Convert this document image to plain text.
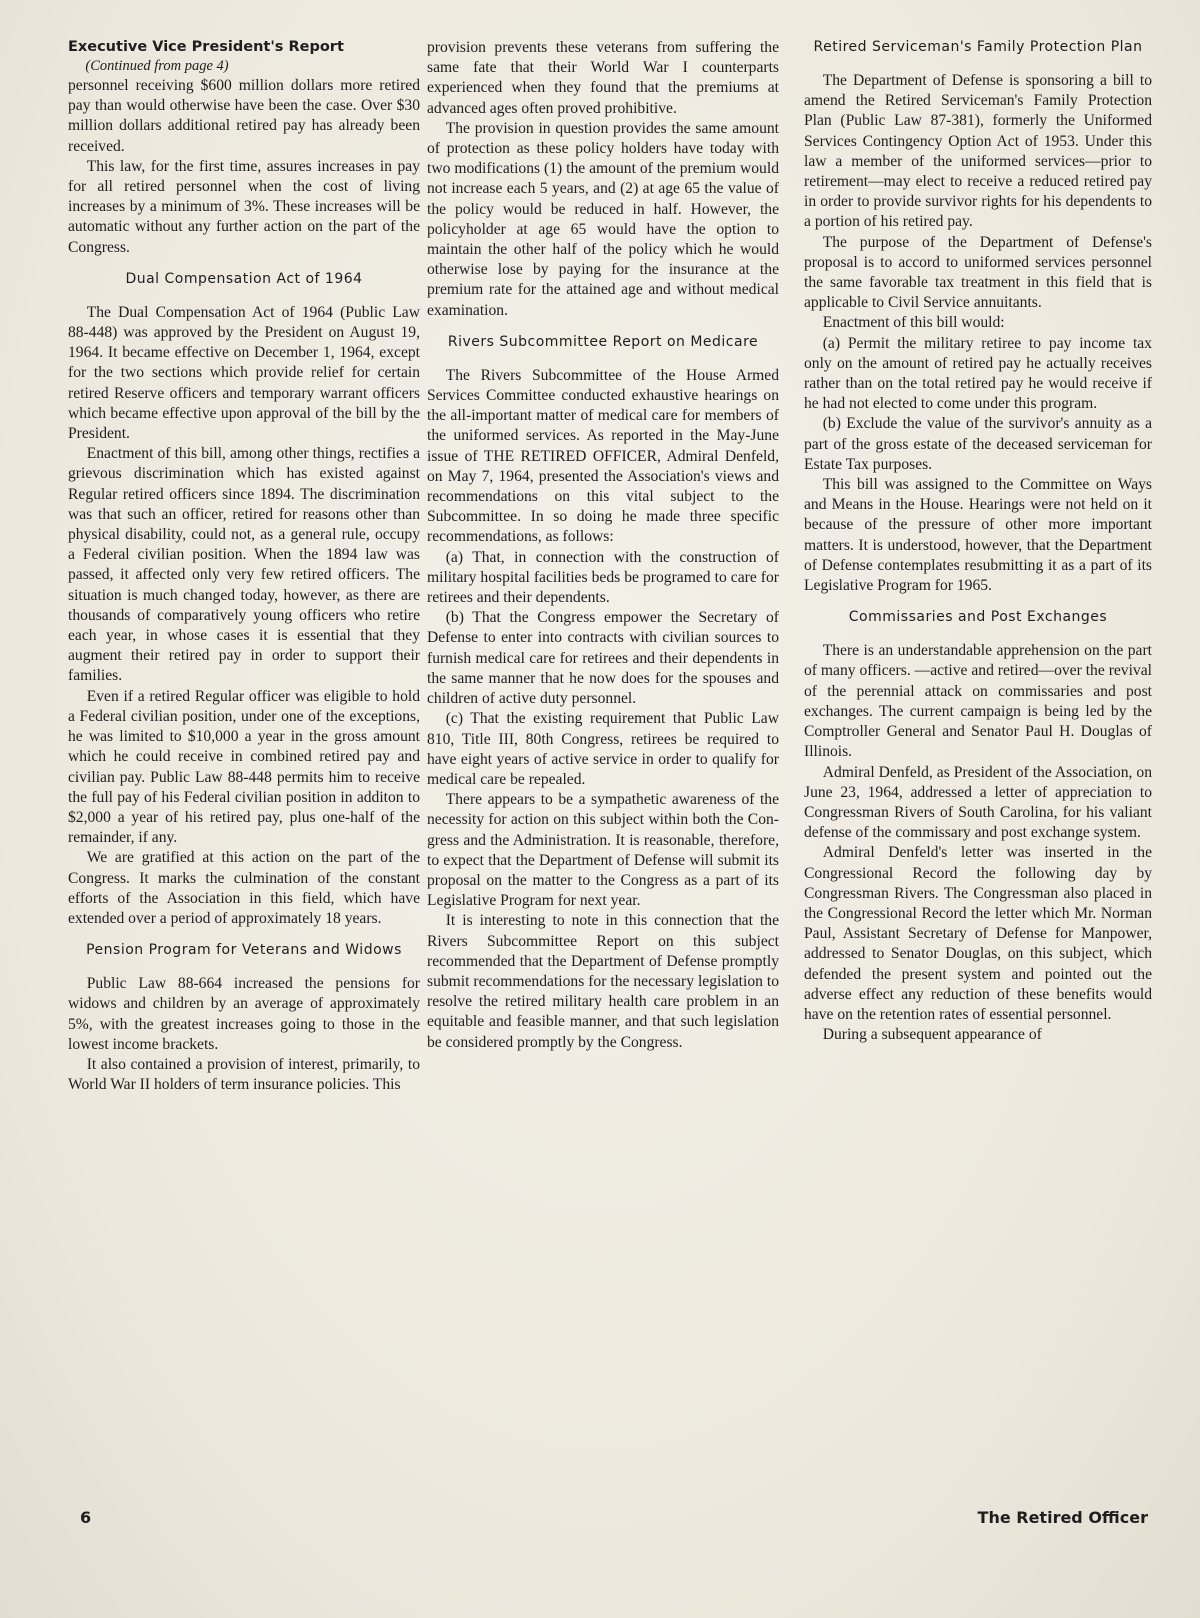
Executive Vice President's Report

(Continued from page 4)

personnel receiving $600 million dollars more retired pay than would otherwise have been the case. Over $30 million dollars additional retired pay has already been received.

This law, for the first time, assures increases in pay for all retired personnel when the cost of living increases by a minimum of 3%. These increases will be automatic without any further action on the part of the Congress.

Dual Compensation Act of 1964

The Dual Compensation Act of 1964 (Public Law 88-448) was approved by the President on August 19, 1964. It became effective on December 1, 1964, except for the two sections which provide relief for certain retired Reserve officers and temporary warrant officers which became effective upon approval of the bill by the President.

Enactment of this bill, among other things, rectifies a grievous discrimination which has existed against Regular retired officers since 1894. The discrimination was that such an officer, retired for reasons other than physical disability, could not, as a general rule, occupy a Federal civilian position. When the 1894 law was passed, it affected only very few retired officers. The situation is much changed today, however, as there are thousands of comparatively young officers who retire each year, in whose cases it is essential that they augment their retired pay in order to support their families.

Even if a retired Regular officer was eligible to hold a Federal civilian position, under one of the exceptions, he was limited to $10,000 a year in the gross amount which he could receive in combined retired pay and civilian pay. Public Law 88-448 permits him to receive the full pay of his Federal civilian position in additon to $2,000 a year of his retired pay, plus one-half of the remainder, if any.

We are gratified at this action on the part of the Congress. It marks the culmination of the constant efforts of the Association in this field, which have extended over a period of approximately 18 years.

Pension Program for Veterans and Widows

Public Law 88-664 increased the pensions for widows and children by an average of approximately 5%, with the greatest increases going to those in the lowest income brackets.

It also contained a provision of interest, primarily, to World War II holders of term insurance policies. This

provision prevents these veterans from suffering the same fate that their World War I counterparts experienced when they found that the premiums at advanced ages often proved prohibitive.

The provision in question provides the same amount of protection as these policy holders have today with two modifications (1) the amount of the premium would not increase each 5 years, and (2) at age 65 the value of the policy would be reduced in half. However, the policyholder at age 65 would have the option to maintain the other half of the policy which he would otherwise lose by paying for the insurance at the premium rate for the attained age and without medical examination.

Rivers Subcommittee Report on Medicare

The Rivers Subcommittee of the House Armed Services Committee conducted exhaustive hearings on the all-important matter of medical care for members of the uniformed services. As reported in the May-June issue of THE RETIRED OFFICER, Admiral Denfeld, on May 7, 1964, presented the Association's views and recommendations on this vital subject to the Subcommittee. In so doing he made three specific recommendations, as follows:

(a) That, in connection with the construction of military hospital facilities beds be programed to care for retirees and their dependents.

(b) That the Congress empower the Secretary of Defense to enter into contracts with civilian sources to furnish medical care for retirees and their dependents in the same manner that he now does for the spouses and children of active duty personnel.

(c) That the existing requirement that Public Law 810, Title III, 80th Congress, retirees be required to have eight years of active service in order to qualify for medical care be repealed.

There appears to be a sympathetic awareness of the necessity for action on this subject within both the Congress and the Administration. It is reasonable, therefore, to expect that the Department of Defense will submit its proposal on the matter to the Congress as a part of its Legislative Program for next year.

It is interesting to note in this connection that the Rivers Subcommittee Report on this subject recommended that the Department of Defense promptly submit recommendations for the necessary legislation to resolve the retired military health care problem in an equitable and feasible manner, and that such legislation be considered promptly by the Congress.

Retired Serviceman's Family Protection Plan

The Department of Defense is sponsoring a bill to amend the Retired Serviceman's Family Protection Plan (Public Law 87-381), formerly the Uniformed Services Contingency Option Act of 1953. Under this law a member of the uniformed services—prior to retirement—may elect to receive a reduced retired pay in order to provide survivor rights for his dependents to a portion of his retired pay.

The purpose of the Department of Defense's proposal is to accord to uniformed services personnel the same favorable tax treatment in this field that is applicable to Civil Service annuitants.

Enactment of this bill would:

(a) Permit the military retiree to pay income tax only on the amount of retired pay he actually receives rather than on the total retired pay he would receive if he had not elected to come under this program.

(b) Exclude the value of the survivor's annuity as a part of the gross estate of the deceased serviceman for Estate Tax purposes.

This bill was assigned to the Committee on Ways and Means in the House. Hearings were not held on it because of the pressure of other more important matters. It is understood, however, that the Department of Defense contemplates resubmitting it as a part of its Legislative Program for 1965.

Commissaries and Post Exchanges

There is an understandable apprehension on the part of many officers. —active and retired—over the revival of the perennial attack on commissaries and post exchanges. The current campaign is being led by the Comptroller General and Senator Paul H. Douglas of Illinois.

Admiral Denfeld, as President of the Association, on June 23, 1964, addressed a letter of appreciation to Congressman Rivers of South Carolina, for his valiant defense of the commissary and post exchange system.

Admiral Denfeld's letter was inserted in the Congressional Record the following day by Congressman Rivers. The Congressman also placed in the Congressional Record the letter which Mr. Norman Paul, Assistant Secretary of Defense for Manpower, addressed to Senator Douglas, on this subject, which defended the present system and pointed out the adverse effect any reduction of these benefits would have on the retention rates of essential personnel.

During a subsequent appearance of

6	The Retired Officer
